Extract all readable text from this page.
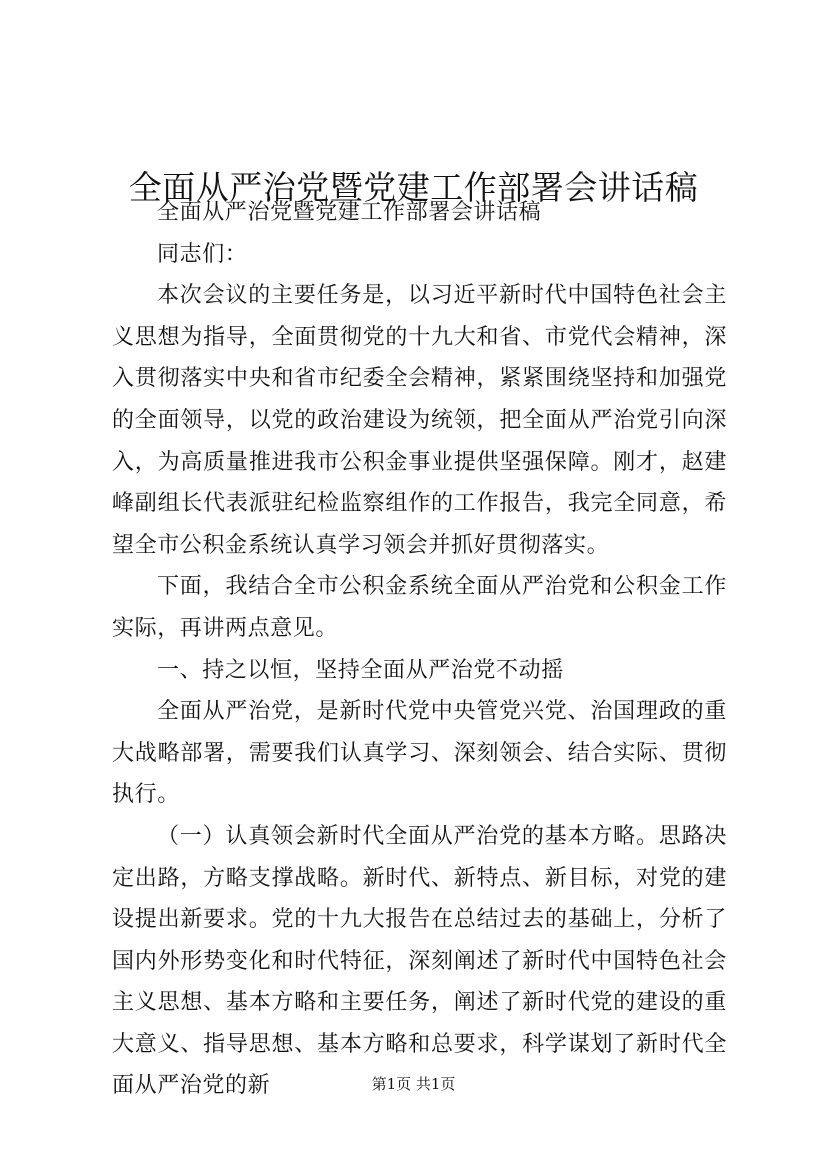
全面从严治党暨党建工作部署会讲话稿

全面从严治党暨党建工作部署会讲话稿

同志们：

本次会议的主要任务是，以习近平新时代中国特色社会主义思想为指导，全面贯彻党的十九大和省、市党代会精神，深入贯彻落实中央和省市纪委全会精神，紧紧围绕坚持和加强党的全面领导，以党的政治建设为统领，把全面从严治党引向深入，为高质量推进我市公积金事业提供坚强保障。刚才，赵建峰副组长代表派驻纪检监察组作的工作报告，我完全同意，希望全市公积金系统认真学习领会并抓好贯彻落实。

下面，我结合全市公积金系统全面从严治党和公积金工作实际，再讲两点意见。

一、持之以恒，坚持全面从严治党不动摇

全面从严治党，是新时代党中央管党兴党、治国理政的重大战略部署，需要我们认真学习、深刻领会、结合实际、贯彻执行。

（一）认真领会新时代全面从严治党的基本方略。思路决定出路，方略支撑战略。新时代、新特点、新目标，对党的建设提出新要求。党的十九大报告在总结过去的基础上，分析了国内外形势变化和时代特征，深刻阐述了新时代中国特色社会主义思想、基本方略和主要任务，阐述了新时代党的建设的重大意义、指导思想、基本方略和总要求，科学谋划了新时代全面从严治党的新	第1页 共1页
